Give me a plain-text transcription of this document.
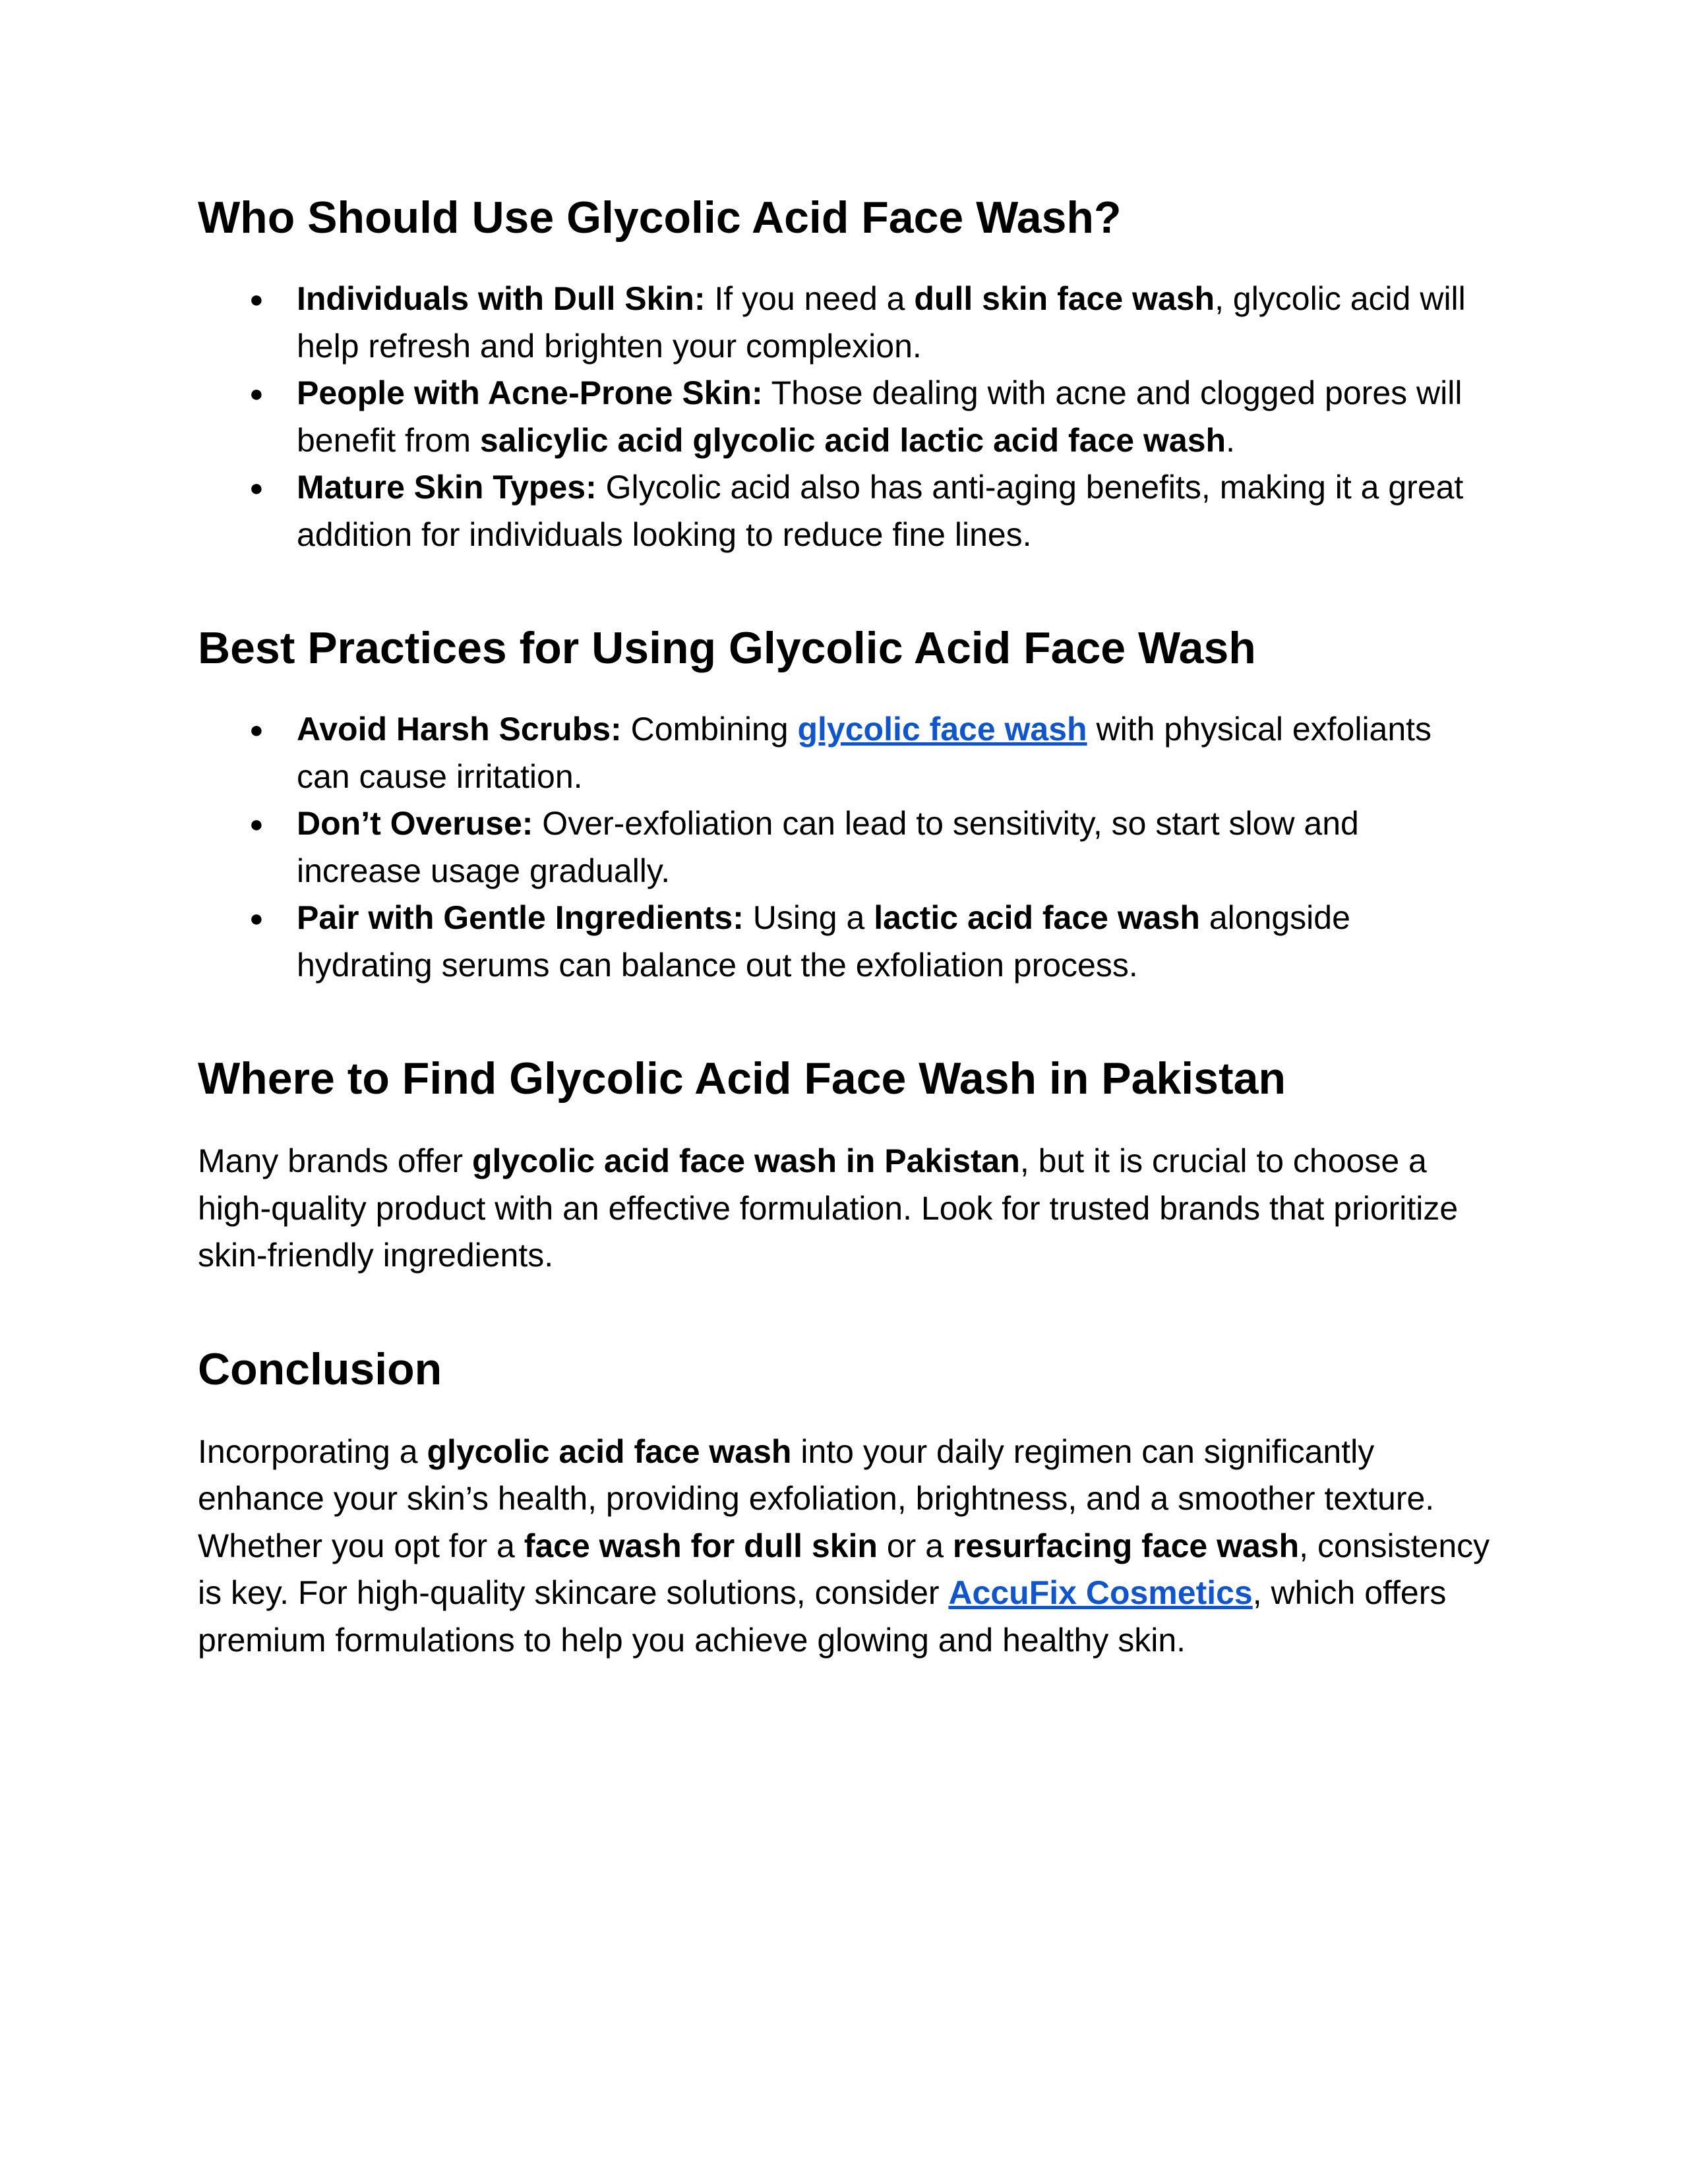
Who Should Use Glycolic Acid Face Wash?
● Individuals with Dull Skin: If you need a dull skin face wash, glycolic acid will help refresh and brighten your complexion.
● People with Acne-Prone Skin: Those dealing with acne and clogged pores will benefit from salicylic acid glycolic acid lactic acid face wash.
● Mature Skin Types: Glycolic acid also has anti-aging benefits, making it a great addition for individuals looking to reduce fine lines.
Best Practices for Using Glycolic Acid Face Wash
● Avoid Harsh Scrubs: Combining glycolic face wash with physical exfoliants can cause irritation.
● Don’t Overuse: Over-exfoliation can lead to sensitivity, so start slow and increase usage gradually.
● Pair with Gentle Ingredients: Using a lactic acid face wash alongside hydrating serums can balance out the exfoliation process.
Where to Find Glycolic Acid Face Wash in Pakistan

Many brands offer glycolic acid face wash in Pakistan, but it is crucial to choose a high-quality product with an effective formulation. Look for trusted brands that prioritize skin-friendly ingredients.

Conclusion

Incorporating a glycolic acid face wash into your daily regimen can significantly enhance your skin’s health, providing exfoliation, brightness, and a smoother texture. Whether you opt for a face wash for dull skin or a resurfacing face wash, consistency is key. For high-quality skincare solutions, consider AccuFix Cosmetics, which offers premium formulations to help you achieve glowing and healthy skin.
